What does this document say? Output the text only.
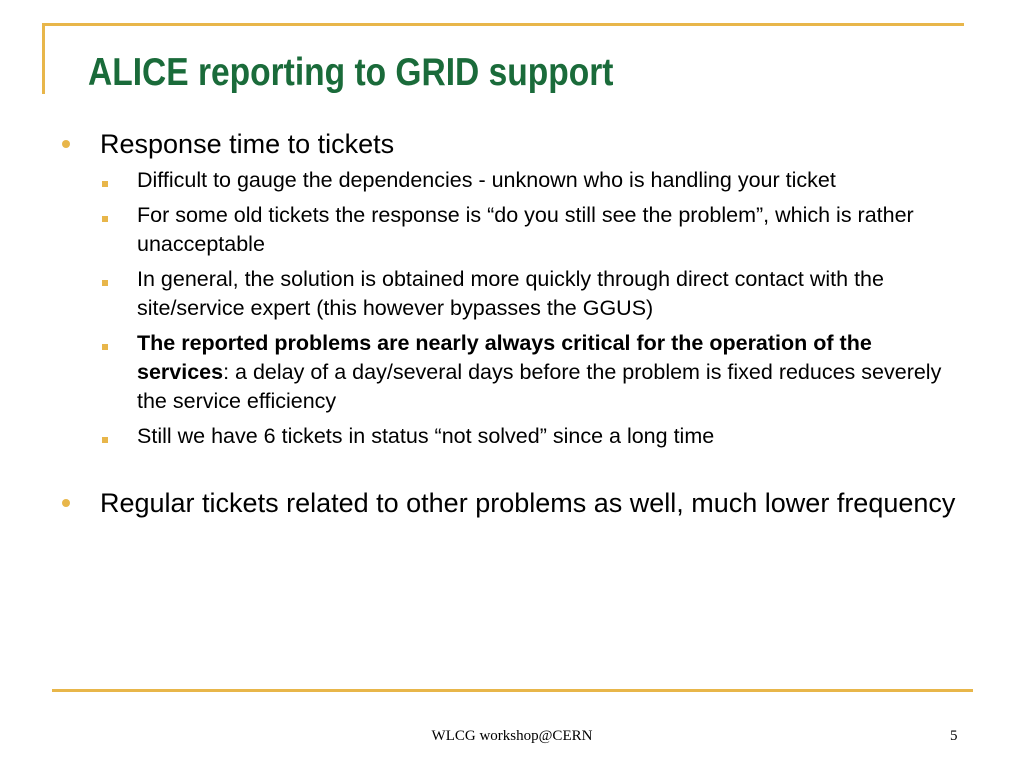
ALICE reporting to GRID support
Response time to tickets
Difficult to gauge the dependencies - unknown who is handling your ticket
For some old tickets the response is “do you still see the problem”, which is rather unacceptable
In general, the solution is obtained more quickly through direct contact with the site/service expert (this however bypasses the GGUS)
The reported problems are nearly always critical for the operation of the services: a delay of a day/several days before the problem is fixed reduces severely the service efficiency
Still we have 6 tickets in status “not solved” since a long time
Regular tickets related to other problems as well, much lower frequency
WLCG workshop@CERN	5
